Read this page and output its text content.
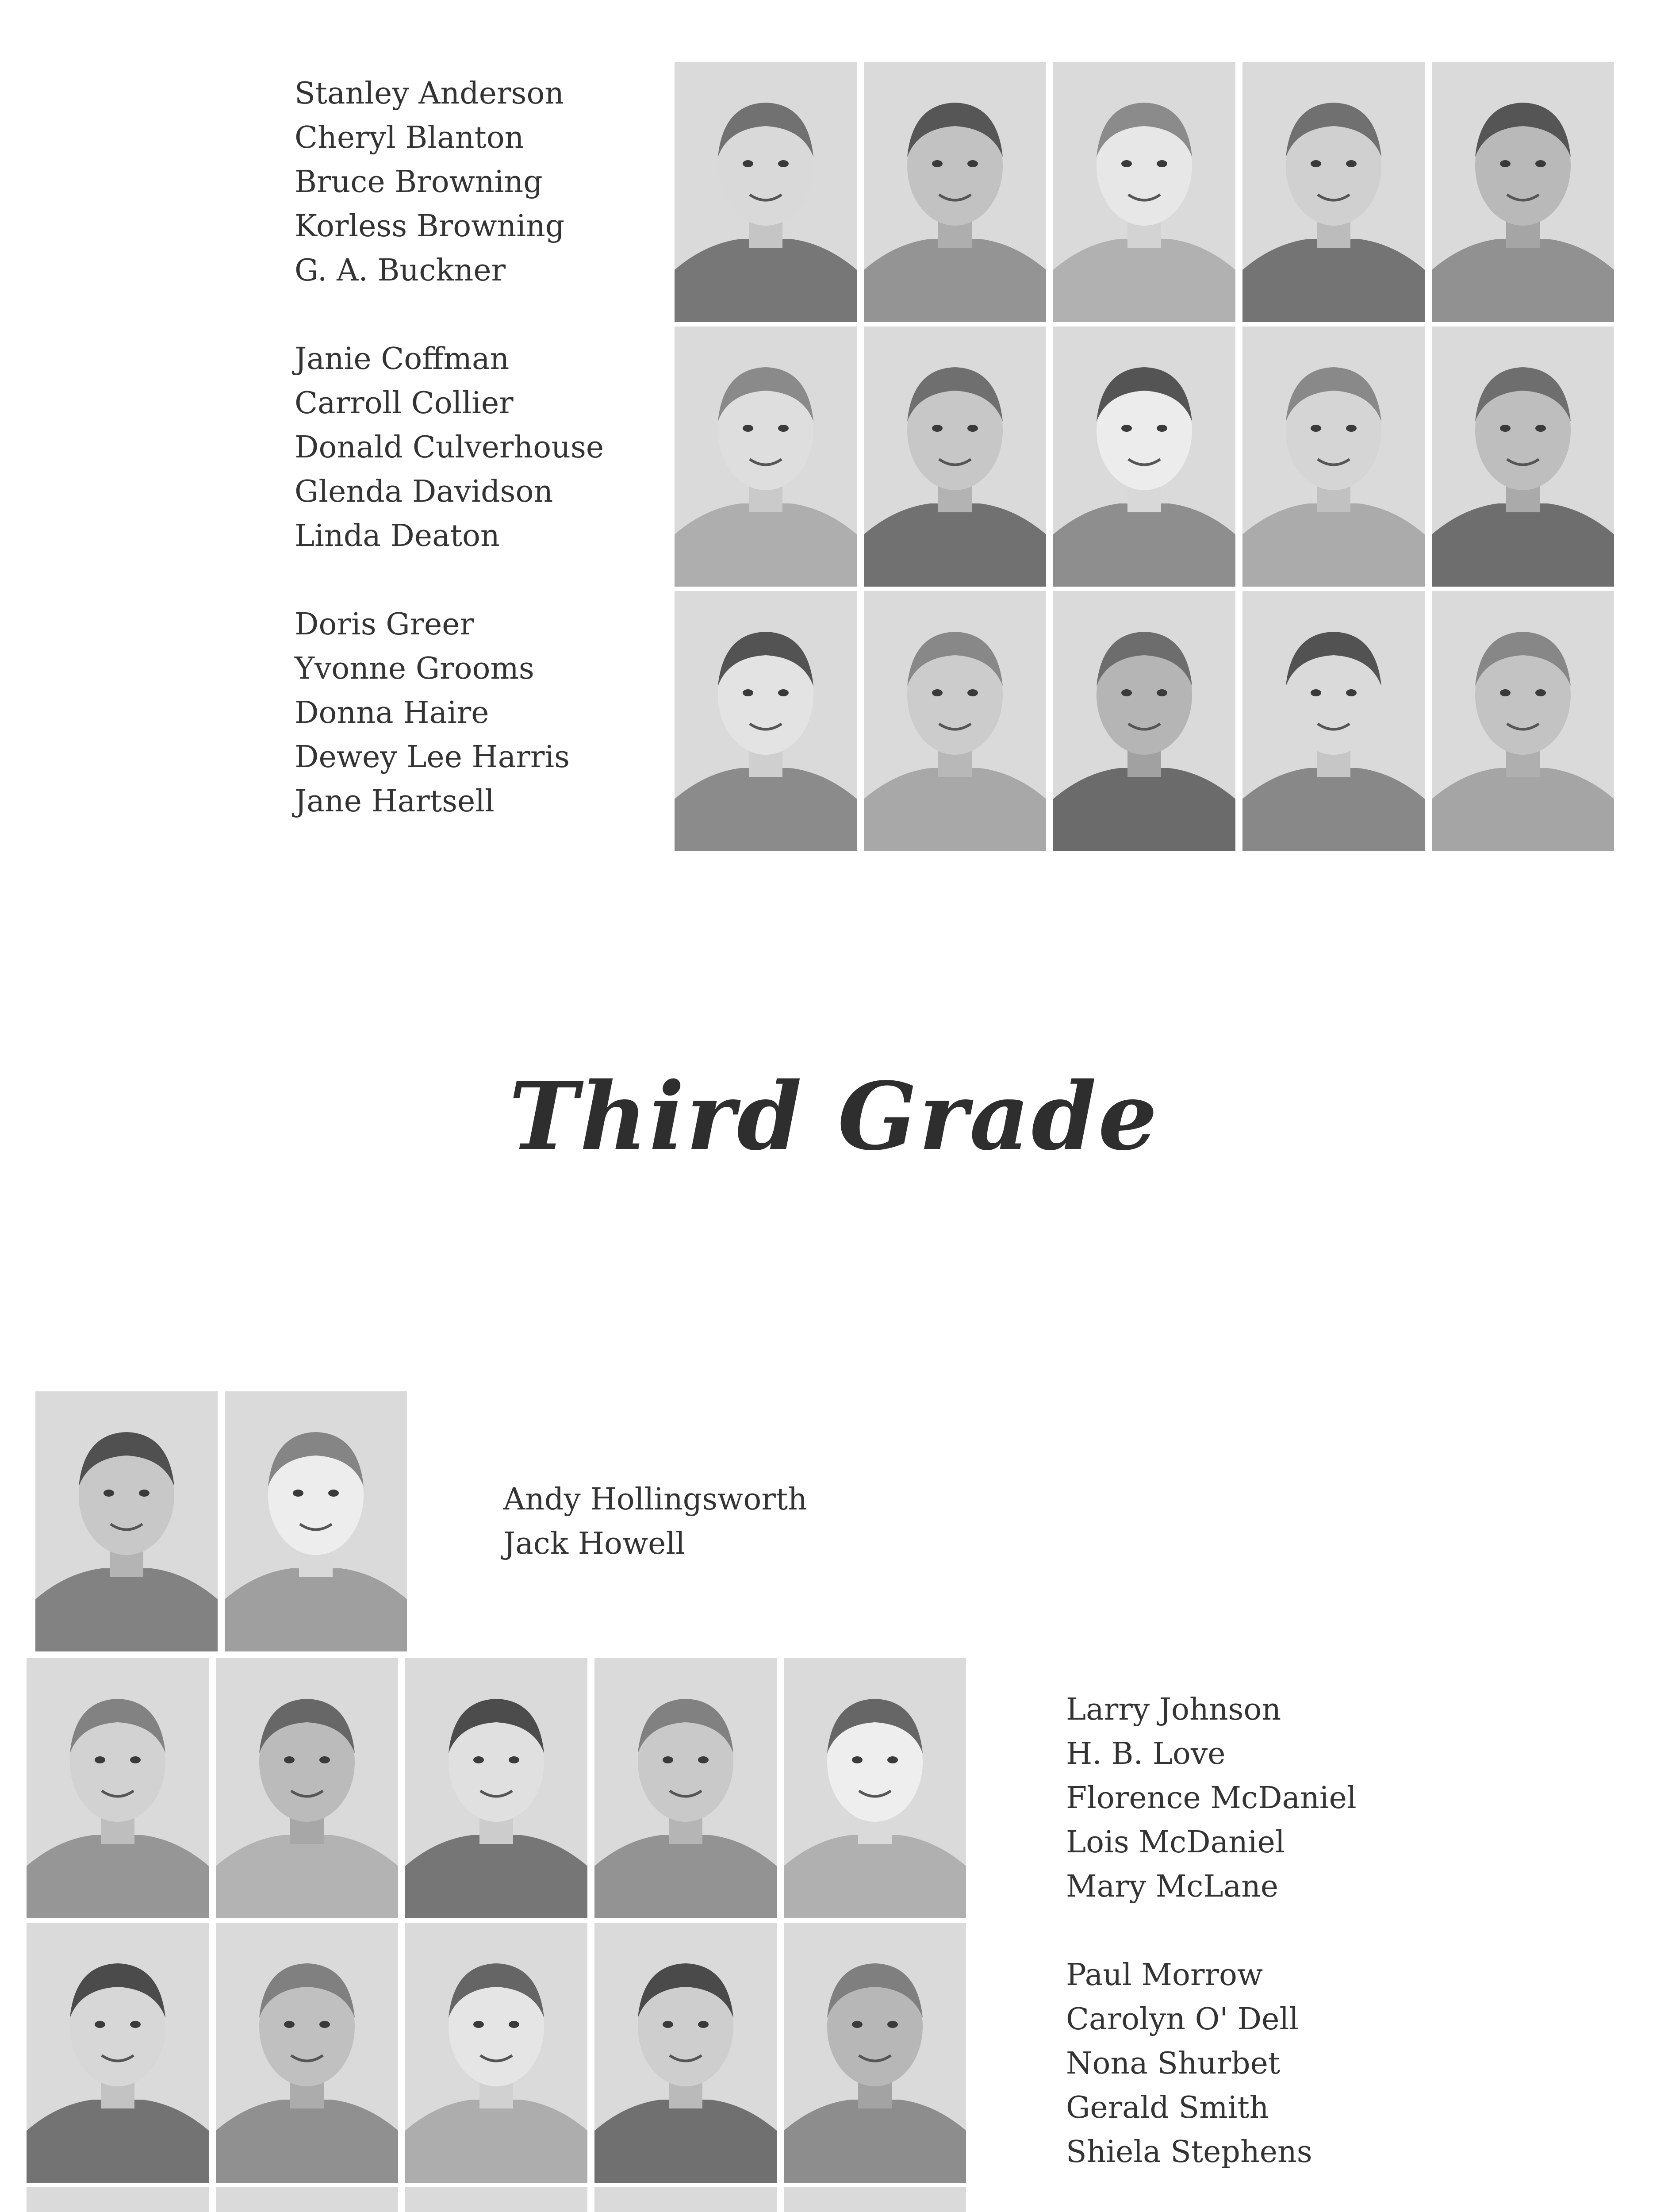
Stanley Anderson
Cheryl Blanton
Bruce Browning
Korless Browning
G. A. Buckner
Janie Coffman
Carroll Collier
Donald Culverhouse
Glenda Davidson
Linda Deaton
Doris Greer
Yvonne Grooms
Donna Haire
Dewey Lee Harris
Jane Hartsell
Third Grade
Andy Hollingsworth
Jack Howell
Larry Johnson
H. B. Love
Florence McDaniel
Lois McDaniel
Mary McLane
Paul Morrow
Carolyn O' Dell
Nona Shurbet
Gerald Smith
Shiela Stephens
